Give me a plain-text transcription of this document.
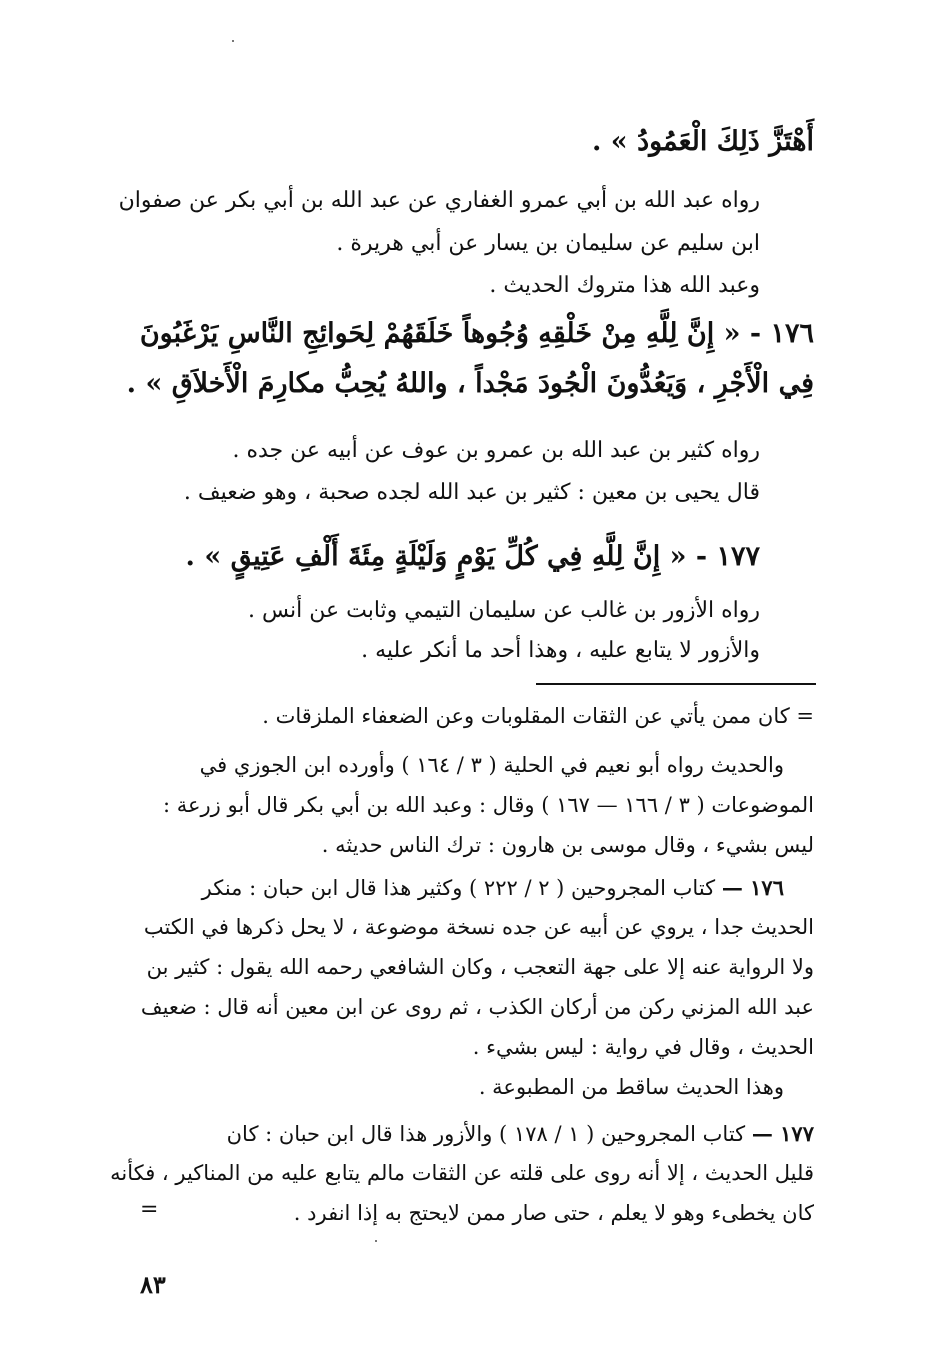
أَهْتَزَّ ذَلِكَ الْعَمُودُ » .
رواه عبد الله بن أبي عمرو الغفاري عن عبد الله بن أبي بكر عن صفوان
ابن سليم عن سليمان بن يسار عن أبي هريرة .
وعبد الله هذا متروك الحديث .
١٧٦ - « إِنَّ لِلَّهِ مِنْ خَلْقِهِ وُجُوهاً خَلَقَهُمْ لِحَوائِجِ النَّاسِ يَرْغَبُونَ
فِي الْأَجْرِ ، وَيَعُدُّونَ الْجُودَ مَجْداً ، واللهُ يُحِبُّ مكارِمَ الْأَخلاَقِ » .
رواه كثير بن عبد الله بن عمرو بن عوف عن أبيه عن جده .
قال يحيى بن معين : كثير بن عبد الله لجده صحبة ، وهو ضعيف .
١٧٧ - « إِنَّ لِلَّهِ فِي كُلِّ يَوْمٍ وَلَيْلَةٍ مِئَةَ أَلْفِ عَتِيقٍ » .
رواه الأزور بن غالب عن سليمان التيمي وثابت عن أنس .
والأزور لا يتابع عليه ، وهذا أحد ما أنكر عليه .
= كان ممن يأتي عن الثقات المقلوبات وعن الضعفاء الملزقات .
والحديث رواه أبو نعيم في الحلية ( ٣ / ١٦٤ ) وأورده ابن الجوزي في
الموضوعات ( ٣ / ١٦٦ — ١٦٧ ) وقال : وعبد الله بن أبي بكر قال أبو زرعة :
ليس بشيء ، وقال موسى بن هارون : ترك الناس حديثه .
١٧٦ — كتاب المجروحين ( ٢ / ٢٢٢ ) وكثير هذا قال ابن حبان : منكر
الحديث جدا ، يروي عن أبيه عن جده نسخة موضوعة ، لا يحل ذكرها في الكتب
ولا الرواية عنه إلا على جهة التعجب ، وكان الشافعي رحمه الله يقول : كثير بن
عبد الله المزني ركن من أركان الكذب ، ثم روى عن ابن معين أنه قال : ضعيف
الحديث ، وقال في رواية : ليس بشيء .
وهذا الحديث ساقط من المطبوعة .
١٧٧ — كتاب المجروحين ( ١ / ١٧٨ ) والأزور هذا قال ابن حبان : كان
قليل الحديث ، إلا أنه روى على قلته عن الثقات مالم يتابع عليه من المناكير ، فكأنه
كان يخطىء وهو لا يعلم ، حتى صار ممن لايحتج به إذا انفرد .
=
٨٣
